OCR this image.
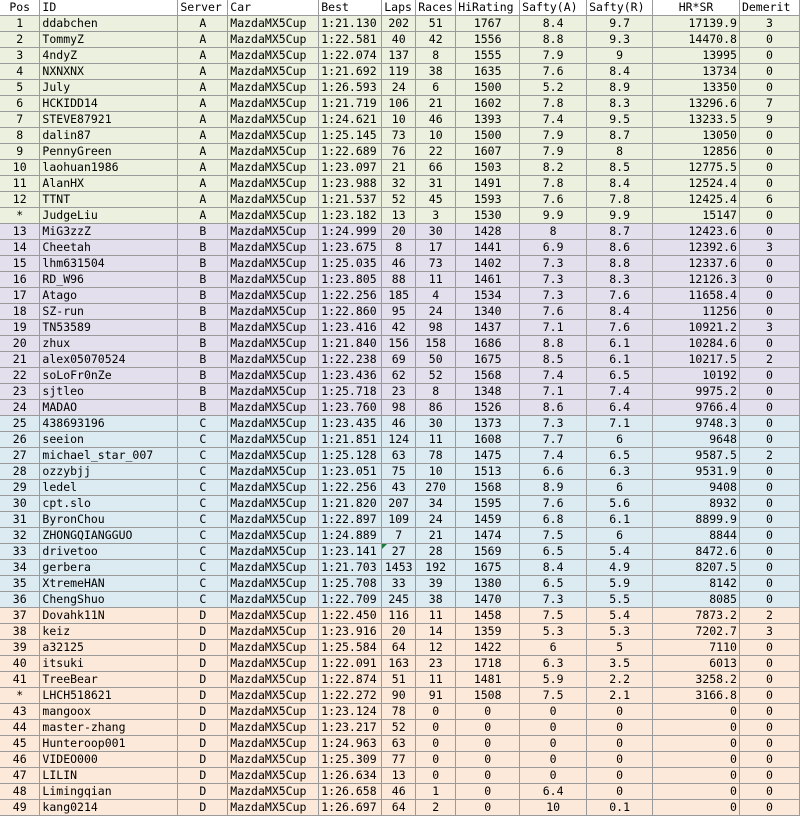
Pos	ID	Server	Car	Best	Laps	Races	HiRating	Safty(A)	Safty(R)	HR*SR	Demerit
1	ddabchen	A	MazdaMX5Cup	1:21.130	202	51	1767	8.4	9.7	17139.9	3
2	TommyZ	A	MazdaMX5Cup	1:22.581	40	42	1556	8.8	9.3	14470.8	0
3	4ndyZ	A	MazdaMX5Cup	1:22.074	137	8	1555	7.9	9	13995	0
4	NXNXNX	A	MazdaMX5Cup	1:21.692	119	38	1635	7.6	8.4	13734	0
5	July	A	MazdaMX5Cup	1:26.593	24	6	1500	5.2	8.9	13350	0
6	HCKIDD14	A	MazdaMX5Cup	1:21.719	106	21	1602	7.8	8.3	13296.6	7
7	STEVE87921	A	MazdaMX5Cup	1:24.621	10	46	1393	7.4	9.5	13233.5	9
8	dalin87	A	MazdaMX5Cup	1:25.145	73	10	1500	7.9	8.7	13050	0
9	PennyGreen	A	MazdaMX5Cup	1:22.689	76	22	1607	7.9	8	12856	0
10	laohuan1986	A	MazdaMX5Cup	1:23.097	21	66	1503	8.2	8.5	12775.5	0
11	AlanHX	A	MazdaMX5Cup	1:23.988	32	31	1491	7.8	8.4	12524.4	0
12	TTNT	A	MazdaMX5Cup	1:21.537	52	45	1593	7.6	7.8	12425.4	6
*	JudgeLiu	A	MazdaMX5Cup	1:23.182	13	3	1530	9.9	9.9	15147	0
13	MiG3zzZ	B	MazdaMX5Cup	1:24.999	20	30	1428	8	8.7	12423.6	0
14	Cheetah	B	MazdaMX5Cup	1:23.675	8	17	1441	6.9	8.6	12392.6	3
15	lhm631504	B	MazdaMX5Cup	1:25.035	46	73	1402	7.3	8.8	12337.6	0
16	RD_W96	B	MazdaMX5Cup	1:23.805	88	11	1461	7.3	8.3	12126.3	0
17	Atago	B	MazdaMX5Cup	1:22.256	185	4	1534	7.3	7.6	11658.4	0
18	SZ-run	B	MazdaMX5Cup	1:22.860	95	24	1340	7.6	8.4	11256	0
19	TN53589	B	MazdaMX5Cup	1:23.416	42	98	1437	7.1	7.6	10921.2	3
20	zhux	B	MazdaMX5Cup	1:21.840	156	158	1686	8.8	6.1	10284.6	0
21	alex05070524	B	MazdaMX5Cup	1:22.238	69	50	1675	8.5	6.1	10217.5	2
22	soLoFr0nZe	B	MazdaMX5Cup	1:23.436	62	52	1568	7.4	6.5	10192	0
23	sjtleo	B	MazdaMX5Cup	1:25.718	23	8	1348	7.1	7.4	9975.2	0
24	MADAO	B	MazdaMX5Cup	1:23.760	98	86	1526	8.6	6.4	9766.4	0
25	438693196	C	MazdaMX5Cup	1:23.435	46	30	1373	7.3	7.1	9748.3	0
26	seeion	C	MazdaMX5Cup	1:21.851	124	11	1608	7.7	6	9648	0
27	michael_star_007	C	MazdaMX5Cup	1:25.128	63	78	1475	7.4	6.5	9587.5	2
28	ozzybjj	C	MazdaMX5Cup	1:23.051	75	10	1513	6.6	6.3	9531.9	0
29	ledel	C	MazdaMX5Cup	1:22.256	43	270	1568	8.9	6	9408	0
30	cpt.slo	C	MazdaMX5Cup	1:21.820	207	34	1595	7.6	5.6	8932	0
31	ByronChou	C	MazdaMX5Cup	1:22.897	109	24	1459	6.8	6.1	8899.9	0
32	ZHONGQIANGGUO	C	MazdaMX5Cup	1:24.889	7	21	1474	7.5	6	8844	0
33	drivetoo	C	MazdaMX5Cup	1:23.141	27	28	1569	6.5	5.4	8472.6	0
34	gerbera	C	MazdaMX5Cup	1:21.703	1453	192	1675	8.4	4.9	8207.5	0
35	XtremeHAN	C	MazdaMX5Cup	1:25.708	33	39	1380	6.5	5.9	8142	0
36	ChengShuo	C	MazdaMX5Cup	1:22.709	245	38	1470	7.3	5.5	8085	0
37	Dovahk11N	D	MazdaMX5Cup	1:22.450	116	11	1458	7.5	5.4	7873.2	2
38	keiz	D	MazdaMX5Cup	1:23.916	20	14	1359	5.3	5.3	7202.7	3
39	a32125	D	MazdaMX5Cup	1:25.584	64	12	1422	6	5	7110	0
40	itsuki	D	MazdaMX5Cup	1:22.091	163	23	1718	6.3	3.5	6013	0
41	TreeBear	D	MazdaMX5Cup	1:22.874	51	11	1481	5.9	2.2	3258.2	0
*	LHCH518621	D	MazdaMX5Cup	1:22.272	90	91	1508	7.5	2.1	3166.8	0
43	mangoox	D	MazdaMX5Cup	1:23.124	78	0	0	0	0	0	0
44	master-zhang	D	MazdaMX5Cup	1:23.217	52	0	0	0	0	0	0
45	Hunteroop001	D	MazdaMX5Cup	1:24.963	63	0	0	0	0	0	0
46	VIDEO000	D	MazdaMX5Cup	1:25.309	77	0	0	0	0	0	0
47	LILIN	D	MazdaMX5Cup	1:26.634	13	0	0	0	0	0	0
48	Limingqian	D	MazdaMX5Cup	1:26.658	46	1	0	6.4	0	0	0
49	kang0214	D	MazdaMX5Cup	1:26.697	64	2	0	10	0.1	0	0
